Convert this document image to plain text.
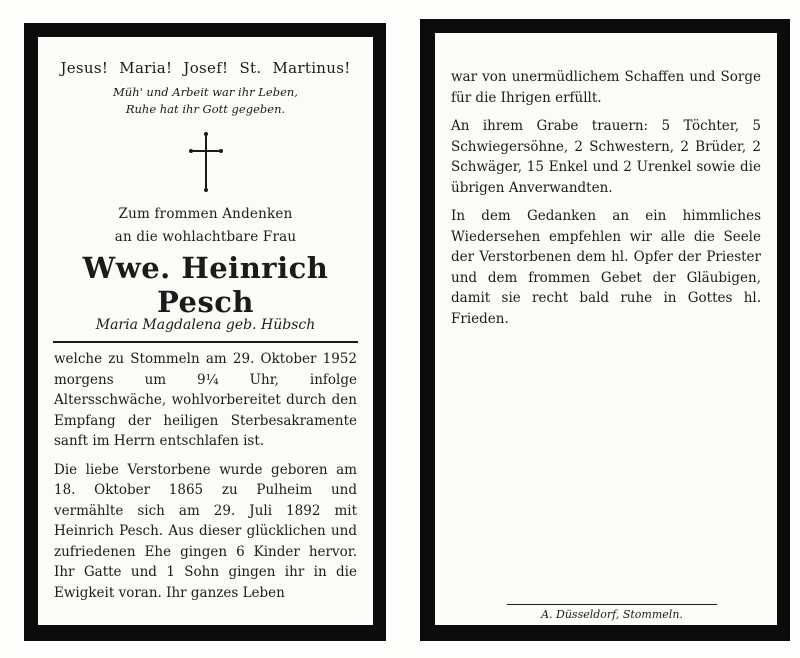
Jesus! Maria! Josef! St. Martinus!
Müh' und Arbeit war ihr Leben,
Ruhe hat ihr Gott gegeben.
Zum frommen Andenken
an die wohlachtbare Frau
Wwe. Heinrich Pesch
Maria Magdalena geb. Hübsch

welche zu Stommeln am 29. Oktober 1952 morgens um 9¼ Uhr, infolge Altersschwäche, wohlvorbereitet durch den Empfang der heiligen Sterbesakramente sanft im Herrn entschlafen ist.

Die liebe Verstorbene wurde geboren am 18. Oktober 1865 zu Pulheim und vermählte sich am 29. Juli 1892 mit Heinrich Pesch. Aus dieser glücklichen und zufriedenen Ehe gingen 6 Kinder hervor. Ihr Gatte und 1 Sohn gingen ihr in die Ewigkeit voran. Ihr ganzes Leben

war von unermüdlichem Schaffen und Sorge für die Ihrigen erfüllt.

An ihrem Grabe trauern: 5 Töchter, 5 Schwiegersöhne, 2 Schwestern, 2 Brüder, 2 Schwäger, 15 Enkel und 2 Urenkel sowie die übrigen Anverwandten.

In dem Gedanken an ein himmliches Wiedersehen empfehlen wir alle die Seele der Verstorbenen dem hl. Opfer der Priester und dem frommen Gebet der Gläubigen, damit sie recht bald ruhe in Gottes hl. Frieden.

A. Düsseldorf, Stommeln.
